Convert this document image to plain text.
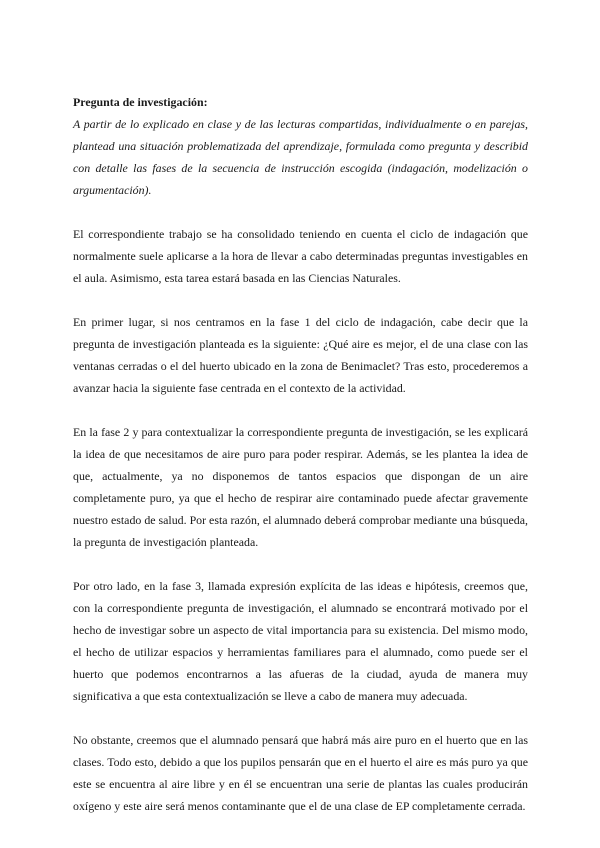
Pregunta de investigación:

A partir de lo explicado en clase y de las lecturas compartidas, individualmente o en parejas, plantead una situación problematizada del aprendizaje, formulada como pregunta y describid con detalle las fases de la secuencia de instrucción escogida (indagación, modelización o argumentación).

El correspondiente trabajo se ha consolidado teniendo en cuenta el ciclo de indagación que normalmente suele aplicarse a la hora de llevar a cabo determinadas preguntas investigables en el aula. Asimismo, esta tarea estará basada en las Ciencias Naturales.

En primer lugar, si nos centramos en la fase 1 del ciclo de indagación, cabe decir que la pregunta de investigación planteada es la siguiente: ¿Qué aire es mejor, el de una clase con las ventanas cerradas o el del huerto ubicado en la zona de Benimaclet? Tras esto, procederemos a avanzar hacia la siguiente fase centrada en el contexto de la actividad.

En la fase 2 y para contextualizar la correspondiente pregunta de investigación, se les explicará la idea de que necesitamos de aire puro para poder respirar. Además, se les plantea la idea de que, actualmente, ya no disponemos de tantos espacios que dispongan de un aire completamente puro, ya que el hecho de respirar aire contaminado puede afectar gravemente nuestro estado de salud. Por esta razón, el alumnado deberá comprobar mediante una búsqueda, la pregunta de investigación planteada.

Por otro lado, en la fase 3, llamada expresión explícita de las ideas e hipótesis, creemos que, con la correspondiente pregunta de investigación, el alumnado se encontrará motivado por el hecho de investigar sobre un aspecto de vital importancia para su existencia. Del mismo modo, el hecho de utilizar espacios y herramientas familiares para el alumnado, como puede ser el huerto que podemos encontrarnos a las afueras de la ciudad, ayuda de manera muy significativa a que esta contextualización se lleve a cabo de manera muy adecuada.

No obstante, creemos que el alumnado pensará que habrá más aire puro en el huerto que en las clases. Todo esto, debido a que los pupilos pensarán que en el huerto el aire es más puro ya que este se encuentra al aire libre y en él se encuentran una serie de plantas las cuales producirán oxígeno y este aire será menos contaminante que el de una clase de EP completamente cerrada.
